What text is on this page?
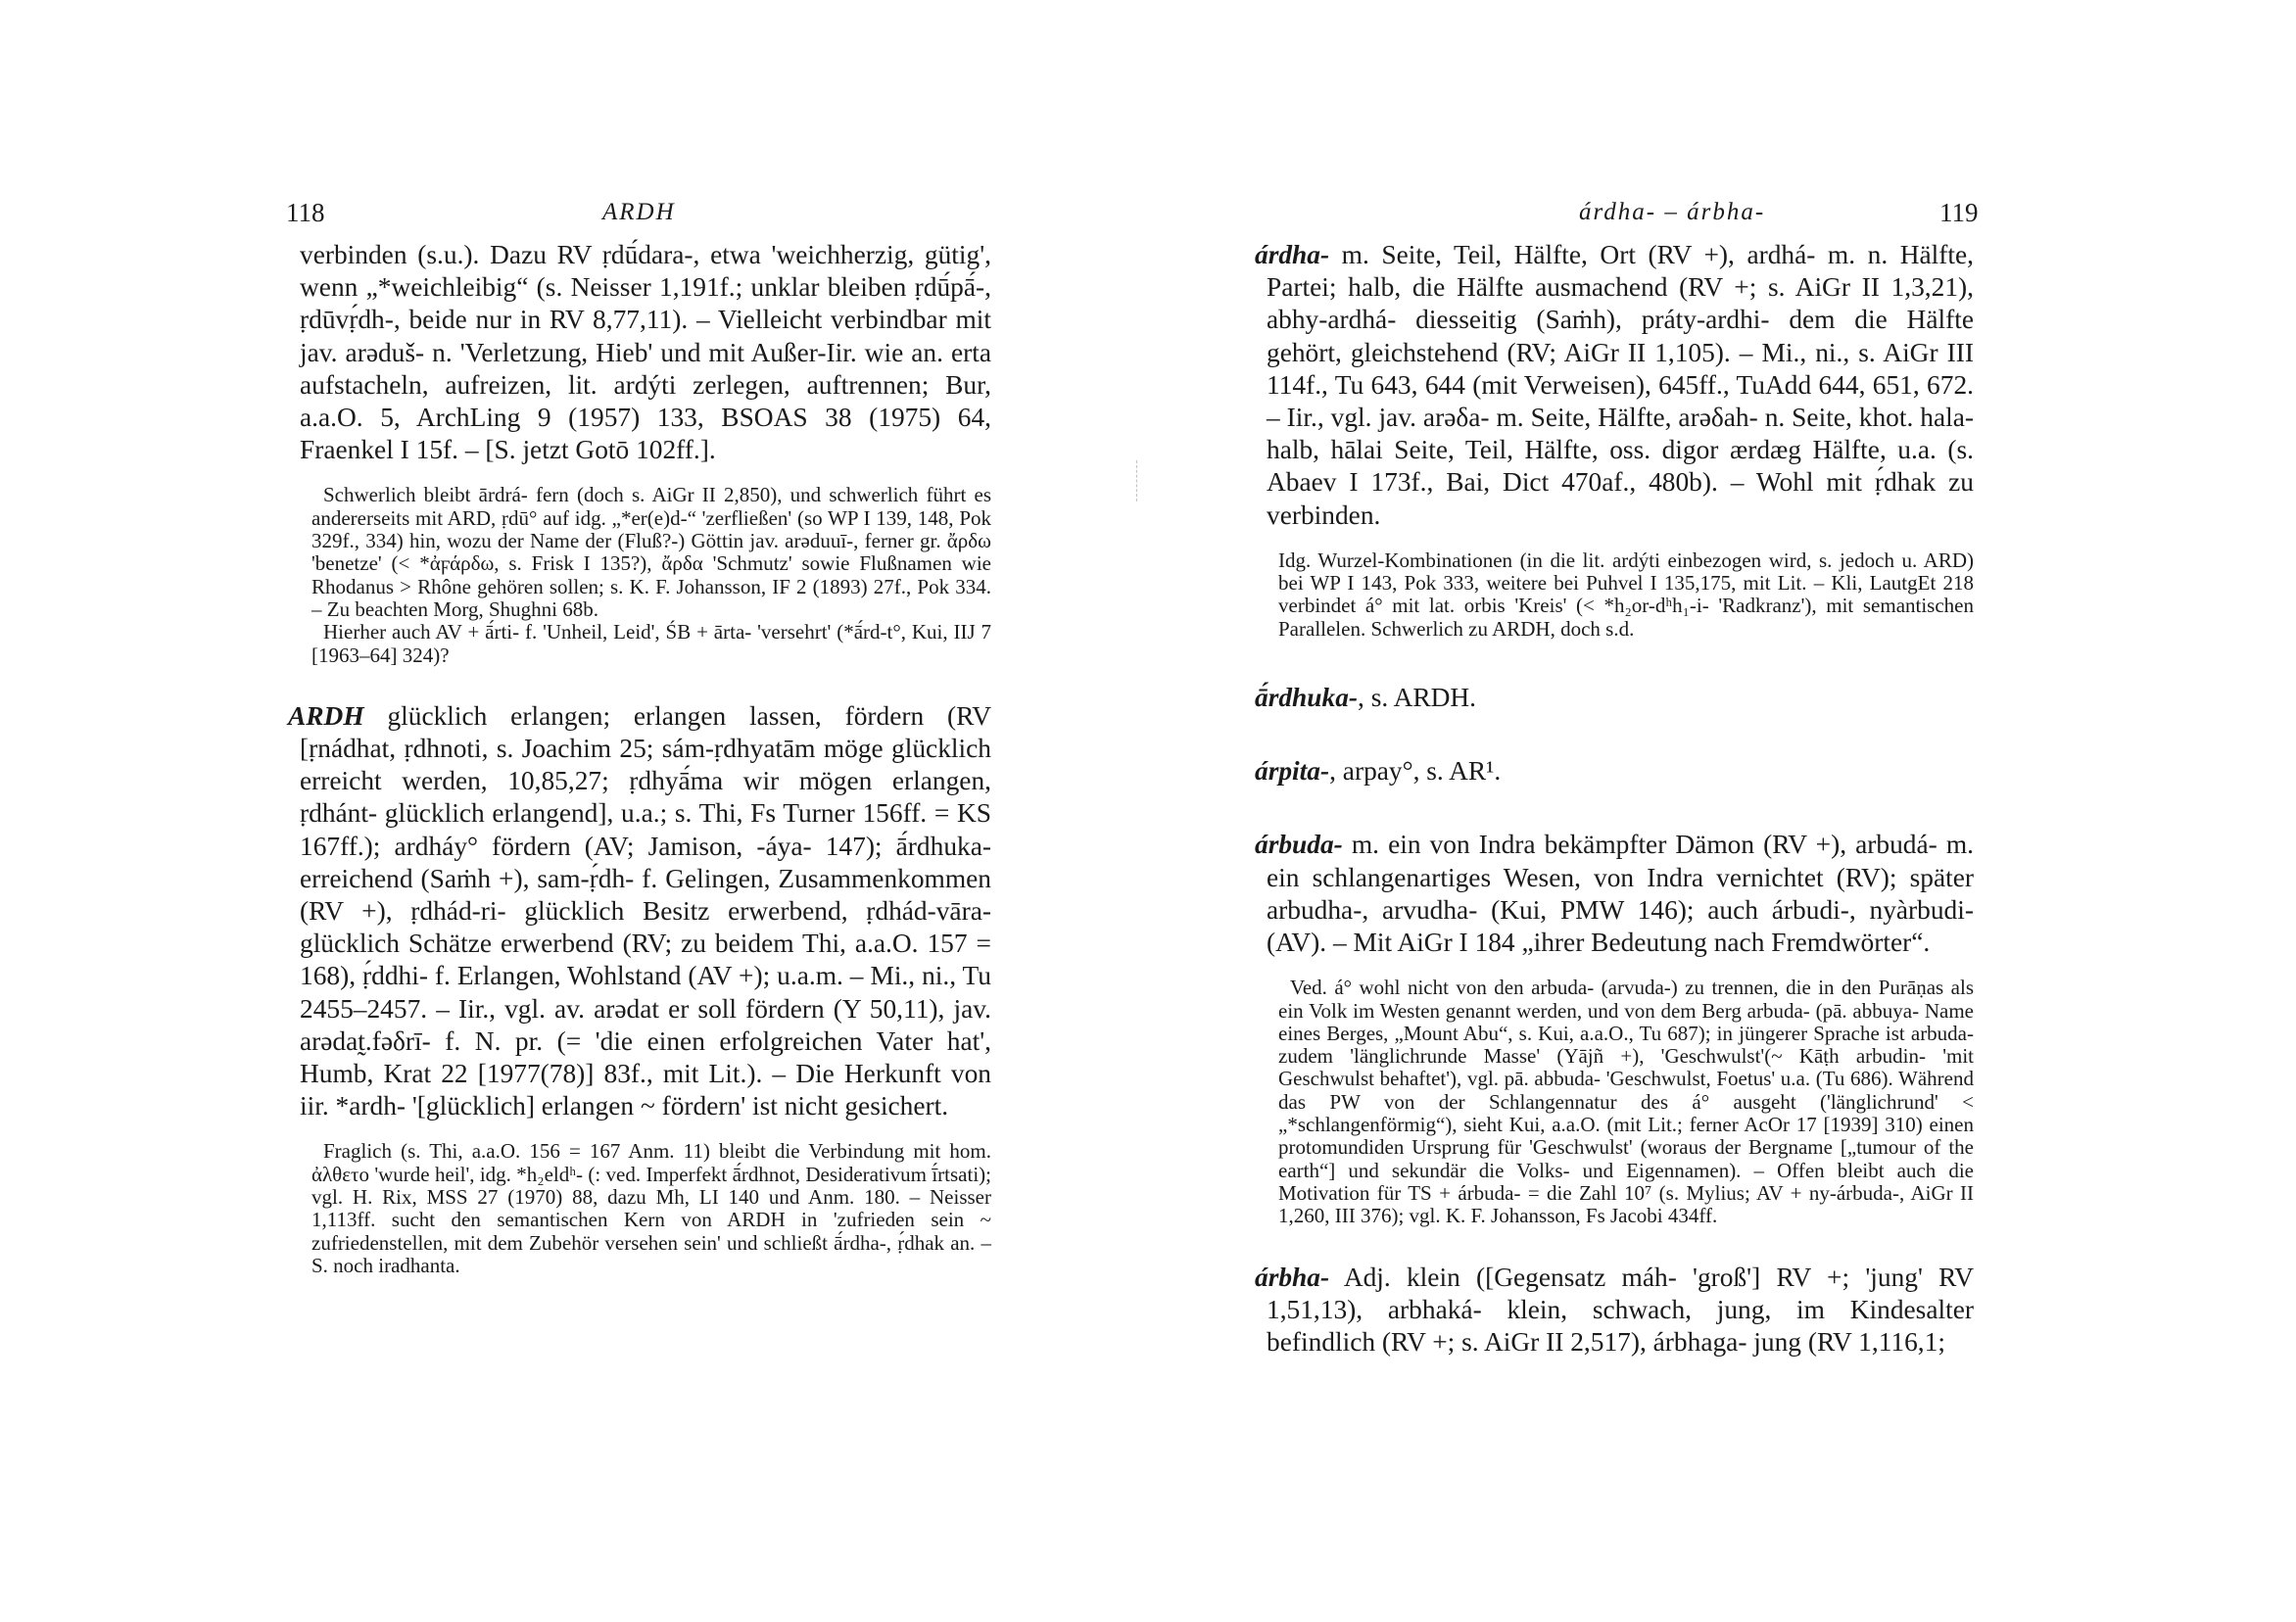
118	ARDH

verbinden (s.u.). Dazu RV ṛdū́dara-, etwa 'weichherzig, gütig', wenn „*weichleibig“ (s. Neisser 1,191f.; unklar bleiben ṛdū́pā́-, ṛdūvṛ́dh-, beide nur in RV 8,77,11). – Vielleicht verbindbar mit jav. arəduš- n. 'Verletzung, Hieb' und mit Außer-Iir. wie an. erta aufstacheln, aufreizen, lit. ardýti zerlegen, auftrennen; Bur, a.a.O. 5, ArchLing 9 (1957) 133, BSOAS 38 (1975) 64, Fraenkel I 15f. – [S. jetzt Gotō 102ff.].

Schwerlich bleibt ārdrá- fern (doch s. AiGr II 2,850), und schwerlich führt es andererseits mit ARD, ṛdū° auf idg. „*er(e)d-“ 'zerfließen' (so WP I 139, 148, Pok 329f., 334) hin, wozu der Name der (Fluß?-) Göttin jav. arəduuī-, ferner gr. ἄρδω 'benetze' (< *ἀϝάρδω, s. Frisk I 135?), ἄρδα 'Schmutz' sowie Flußnamen wie Rhodanus > Rhône gehören sollen; s. K. F. Johansson, IF 2 (1893) 27f., Pok 334. – Zu beachten Morg, Shughni 68b.

Hierher auch AV + ā́rti- f. 'Unheil, Leid', ŚB + ārta- 'versehrt' (*ā́rd-t°, Kui, IIJ 7 [1963–64] 324)?

ARDH glücklich erlangen; erlangen lassen, fördern (RV [ṛnádhat, ṛdhnoti, s. Joachim 25; sám-ṛdhyatām möge glücklich erreicht werden, 10,85,27; ṛdhyā́ma wir mögen erlangen, ṛdhánt- glücklich erlangend], u.a.; s. Thi, Fs Turner 156ff. = KS 167ff.); ardháy° fördern (AV; Jamison, -áya- 147); ā́rdhuka- erreichend (Saṁh +), sam-ṛ́dh- f. Gelingen, Zusammenkommen (RV +), ṛdhád-ri- glücklich Besitz erwerbend, ṛdhád-vāra- glücklich Schätze erwerbend (RV; zu beidem Thi, a.a.O. 157 = 168), ṛ́ddhi- f. Erlangen, Wohlstand (AV +); u.a.m. – Mi., ni., Tu 2455–2457. – Iir., vgl. av. arədat er soll fördern (Y 50,11), jav. arədat̰.fəδrī- f. N. pr. (= 'die einen erfolgreichen Vater hat', Humb, Krat 22 [1977(78)] 83f., mit Lit.). – Die Herkunft von iir. *ardh- '[glücklich] erlangen ~ fördern' ist nicht gesichert.

Fraglich (s. Thi, a.a.O. 156 = 167 Anm. 11) bleibt die Verbindung mit hom. ἀλθετο 'wurde heil', idg. *h₂eldʰ- (: ved. Imperfekt ā́rdhnot, Desiderativum ī́rtsati); vgl. H. Rix, MSS 27 (1970) 88, dazu Mh, LI 140 und Anm. 180. – Neisser 1,113ff. sucht den semantischen Kern von ARDH in 'zufrieden sein ~ zufriedenstellen, mit dem Zubehör versehen sein' und schließt ā́rdha-, ṛ́dhak an. – S. noch iradhanta.

árdha- – árbha-	119

árdha- m. Seite, Teil, Hälfte, Ort (RV +), ardhá- m. n. Hälfte, Partei; halb, die Hälfte ausmachend (RV +; s. AiGr II 1,3,21), abhy-ardhá- diesseitig (Saṁh), práty-ardhi- dem die Hälfte gehört, gleichstehend (RV; AiGr II 1,105). – Mi., ni., s. AiGr III 114f., Tu 643, 644 (mit Verweisen), 645ff., TuAdd 644, 651, 672. – Iir., vgl. jav. arəδa- m. Seite, Hälfte, arəδah- n. Seite, khot. hala- halb, hālai Seite, Teil, Hälfte, oss. digor ærdæg Hälfte, u.a. (s. Abaev I 173f., Bai, Dict 470af., 480b). – Wohl mit ṛ́dhak zu verbinden.

Idg. Wurzel-Kombinationen (in die lit. ardýti einbezogen wird, s. jedoch u. ARD) bei WP I 143, Pok 333, weitere bei Puhvel I 135,175, mit Lit. – Kli, LautgEt 218 verbindet á° mit lat. orbis 'Kreis' (< *h₂or-dʰh₁-i- 'Radkranz'), mit semantischen Parallelen. Schwerlich zu ARDH, doch s.d.

ā́rdhuka-, s. ARDH.

árpita-, arpay°, s. AR¹.

árbuda- m. ein von Indra bekämpfter Dämon (RV +), arbudá- m. ein schlangenartiges Wesen, von Indra vernichtet (RV); später arbudha-, arvudha- (Kui, PMW 146); auch árbudi-, nyàrbudi- (AV). – Mit AiGr I 184 „ihrer Bedeutung nach Fremdwörter“.

Ved. á° wohl nicht von den arbuda- (arvuda-) zu trennen, die in den Purāṇas als ein Volk im Westen genannt werden, und von dem Berg arbuda- (pā. abbuya- Name eines Berges, „Mount Abu“, s. Kui, a.a.O., Tu 687); in jüngerer Sprache ist arbuda- zudem 'länglichrunde Masse' (Yājñ +), 'Geschwulst'(~ Kāṭh arbudin- 'mit Geschwulst behaftet'), vgl. pā. abbuda- 'Geschwulst, Foetus' u.a. (Tu 686). Während das PW von der Schlangennatur des á° ausgeht ('länglichrund' < „*schlangenförmig“), sieht Kui, a.a.O. (mit Lit.; ferner AcOr 17 [1939] 310) einen protomundiden Ursprung für 'Geschwulst' (woraus der Bergname [„tumour of the earth“] und sekundär die Volks- und Eigennamen). – Offen bleibt auch die Motivation für TS + árbuda- = die Zahl 10⁷ (s. Mylius; AV + ny-árbuda-, AiGr II 1,260, III 376); vgl. K. F. Johansson, Fs Jacobi 434ff.

árbha- Adj. klein ([Gegensatz máh- 'groß'] RV +; 'jung' RV 1,51,13), arbhaká- klein, schwach, jung, im Kindesalter befindlich (RV +; s. AiGr II 2,517), árbhaga- jung (RV 1,116,1;
